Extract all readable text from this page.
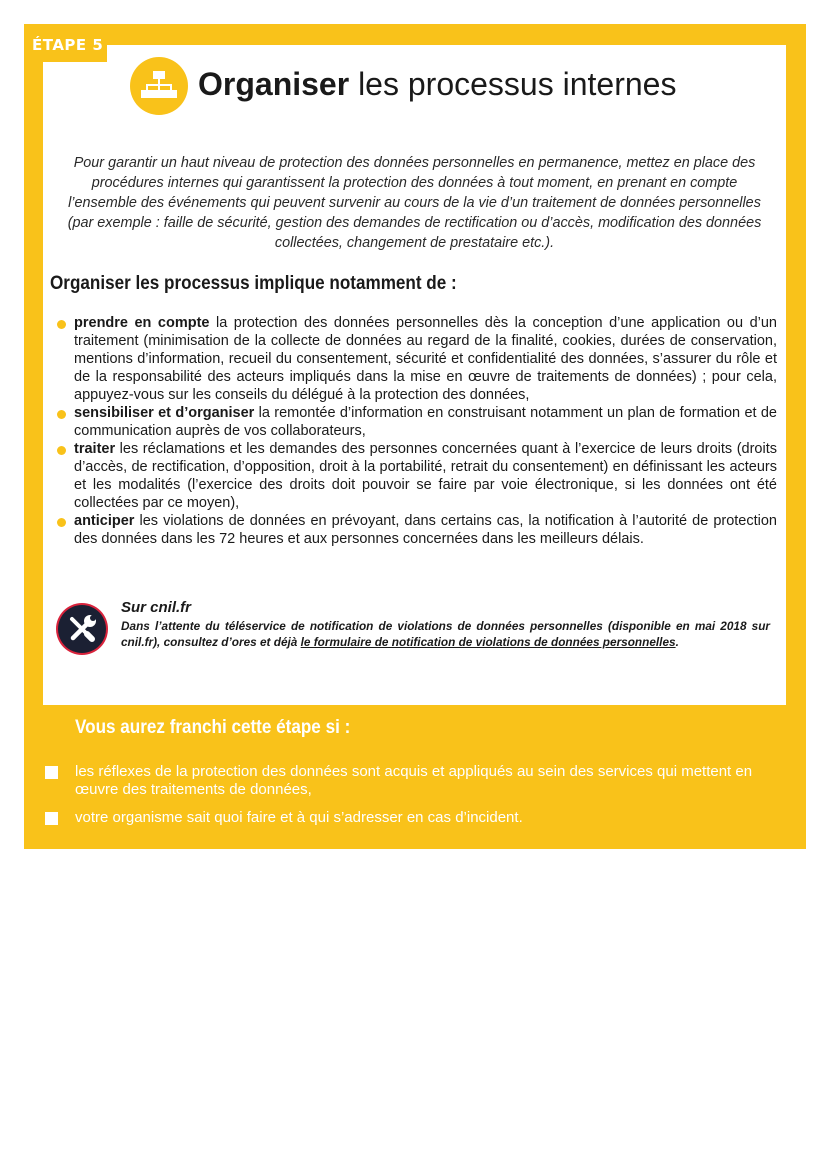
ÉTAPE 5
Organiser les processus internes
Pour garantir un haut niveau de protection des données personnelles en permanence, mettez en place des procédures internes qui garantissent la protection des données à tout moment, en prenant en compte l’ensemble des événements qui peuvent survenir au cours de la vie d’un traitement de données personnelles (par exemple : faille de sécurité, gestion des demandes de rectification ou d’accès, modification des données collectées, changement de prestataire etc.).
Organiser les processus implique notamment de :
prendre en compte la protection des données personnelles dès la conception d’une application ou d’un traitement (minimisation de la collecte de données au regard de la finalité, cookies, durées de conservation, mentions d’information, recueil du consentement, sécurité et confidentialité des données, s’assurer du rôle et de la responsabilité des acteurs impliqués dans la mise en œuvre de traitements de données) ; pour cela, appuyez-vous sur les conseils du délégué à la protection des données,
sensibiliser et d’organiser la remontée d’information en construisant notamment un plan de formation et de communication auprès de vos collaborateurs,
traiter les réclamations et les demandes des personnes concernées quant à l’exercice de leurs droits (droits d’accès, de rectification, d’opposition, droit à la portabilité, retrait du consentement) en définissant les acteurs et les modalités (l’exercice des droits doit pouvoir se faire par voie électronique, si les données ont été collectées par ce moyen),
anticiper les violations de données en prévoyant, dans certains cas, la notification à l’autorité de protection des données dans les 72 heures et aux personnes concernées dans les meilleurs délais.
Sur cnil.fr
Dans l’attente du téléservice de notification de violations de données personnelles (disponible en mai 2018 sur cnil.fr), consultez d’ores et déjà le formulaire de notification de violations de données personnelles.
Vous aurez franchi cette étape si :
les réflexes de la protection des données sont acquis et appliqués au sein des services qui mettent en œuvre des traitements de données,
votre organisme sait quoi faire et à qui s’adresser en cas d’incident.
